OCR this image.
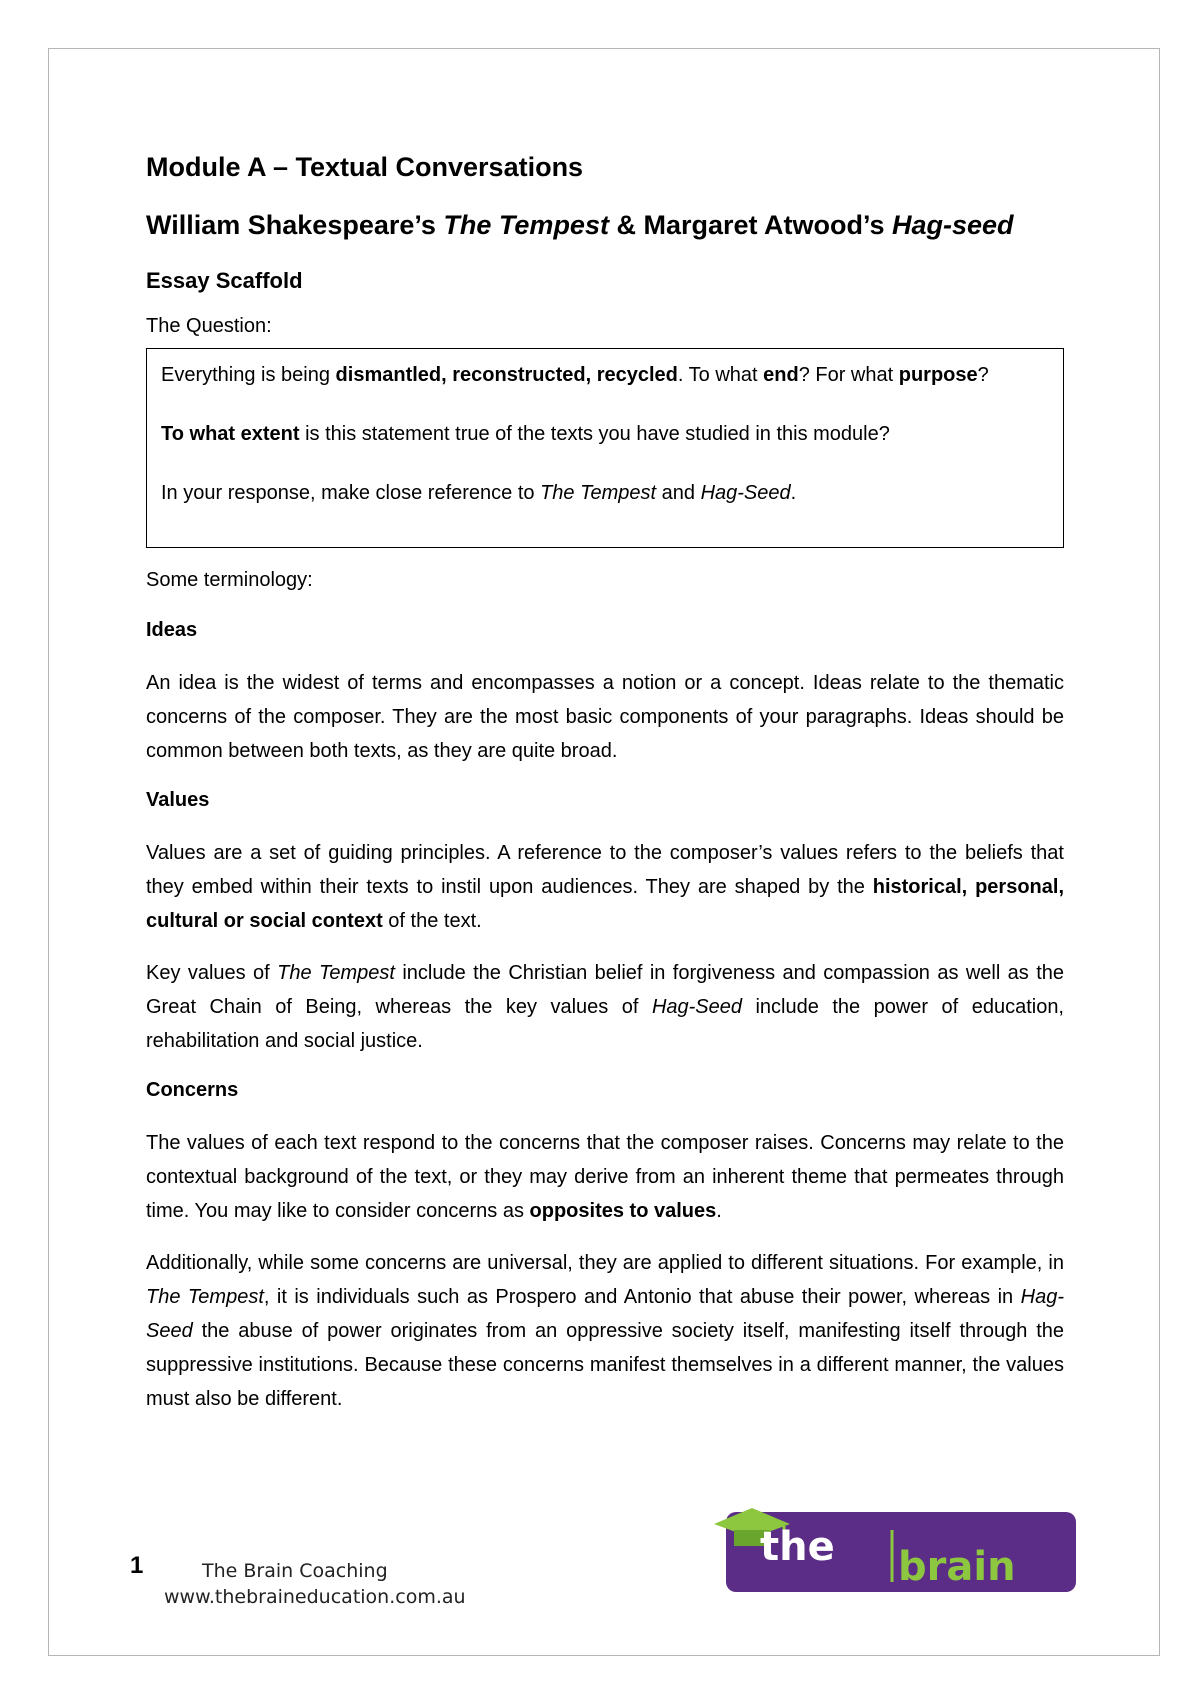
Module A – Textual Conversations
William Shakespeare’s The Tempest & Margaret Atwood’s Hag-seed
Essay Scaffold

The Question:

Everything is being dismantled, reconstructed, recycled. To what end? For what purpose?

To what extent is this statement true of the texts you have studied in this module?

In your response, make close reference to The Tempest and Hag-Seed.

Some terminology:

Ideas

An idea is the widest of terms and encompasses a notion or a concept. Ideas relate to the thematic concerns of the composer. They are the most basic components of your paragraphs. Ideas should be common between both texts, as they are quite broad.

Values

Values are a set of guiding principles. A reference to the composer’s values refers to the beliefs that they embed within their texts to instil upon audiences. They are shaped by the historical, personal, cultural or social context of the text.

Key values of The Tempest include the Christian belief in forgiveness and compassion as well as the Great Chain of Being, whereas the key values of Hag-Seed include the power of education, rehabilitation and social justice.

Concerns

The values of each text respond to the concerns that the composer raises. Concerns may relate to the contextual background of the text, or they may derive from an inherent theme that permeates through time. You may like to consider concerns as opposites to values.

Additionally, while some concerns are universal, they are applied to different situations. For example, in The Tempest, it is individuals such as Prospero and Antonio that abuse their power, whereas in Hag-Seed the abuse of power originates from an oppressive society itself, manifesting itself through the suppressive institutions. Because these concerns manifest themselves in a different manner, the values must also be different.

1	The Brain Coaching
www.thebraineducation.com.au
the brain
